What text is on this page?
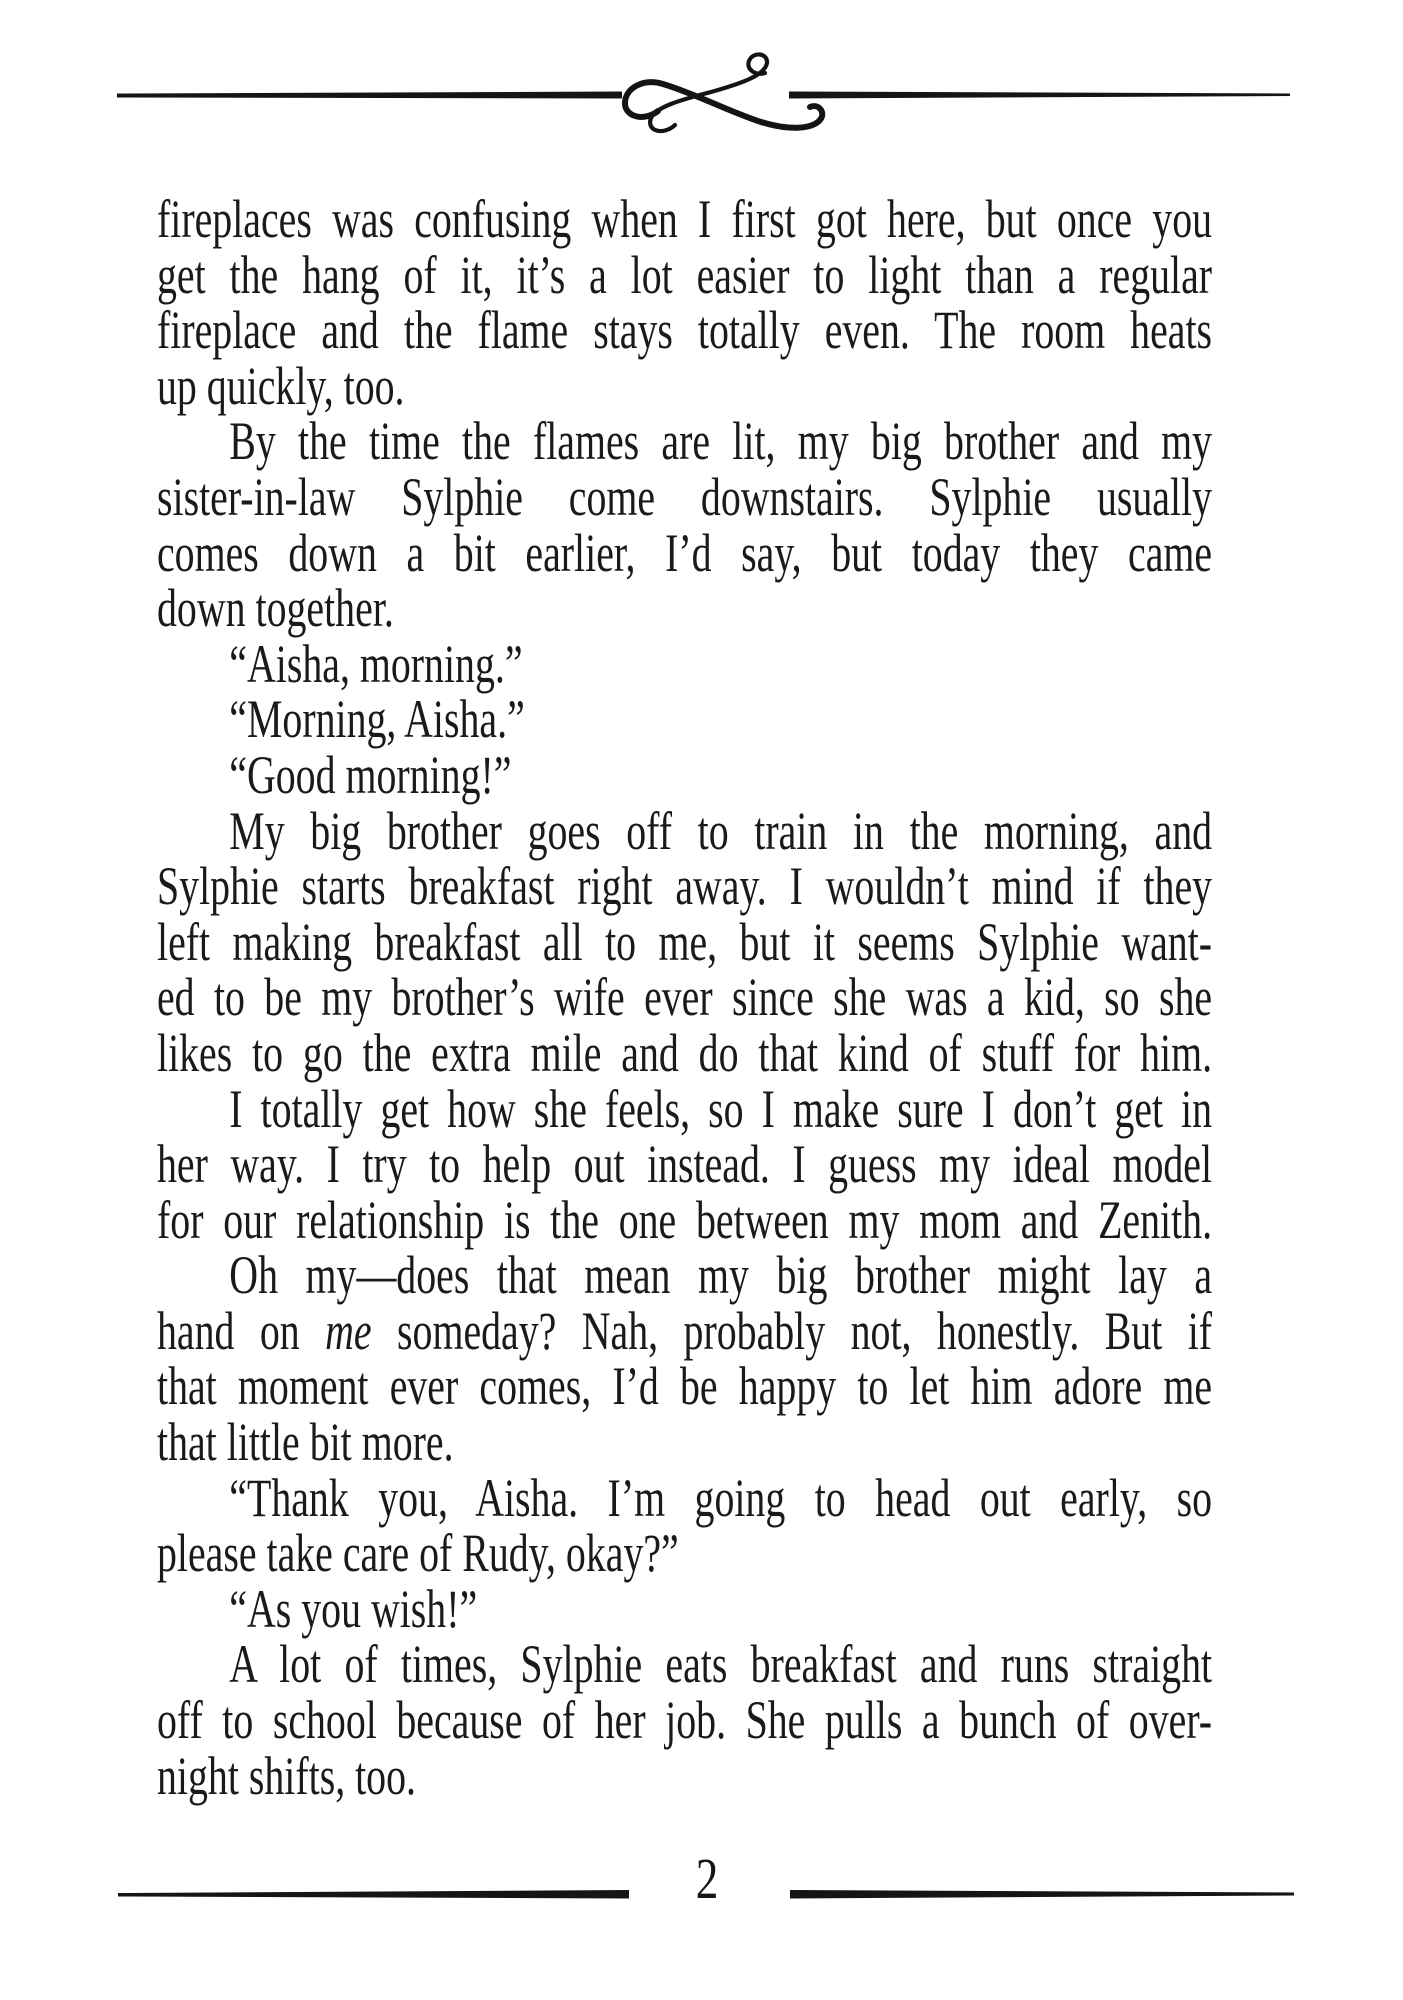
fireplaces was confusing when I first got here, but once you
get the hang of it, it’s a lot easier to light than a regular
fireplace and the flame stays totally even. The room heats
up quickly, too.
By the time the flames are lit, my big brother and my
sister-in-law Sylphie come downstairs. Sylphie usually
comes down a bit earlier, I’d say, but today they came
down together.
“Aisha, morning.”
“Morning, Aisha.”
“Good morning!”
My big brother goes off to train in the morning, and
Sylphie starts breakfast right away. I wouldn’t mind if they
left making breakfast all to me, but it seems Sylphie want-
ed to be my brother’s wife ever since she was a kid, so she
likes to go the extra mile and do that kind of stuff for him.
I totally get how she feels, so I make sure I don’t get in
her way. I try to help out instead. I guess my ideal model
for our relationship is the one between my mom and Zenith.
Oh my—does that mean my big brother might lay a
hand on me someday? Nah, probably not, honestly. But if
that moment ever comes, I’d be happy to let him adore me
that little bit more.
“Thank you, Aisha. I’m going to head out early, so
please take care of Rudy, okay?”
“As you wish!”
A lot of times, Sylphie eats breakfast and runs straight
off to school because of her job. She pulls a bunch of over-
night shifts, too.
2
